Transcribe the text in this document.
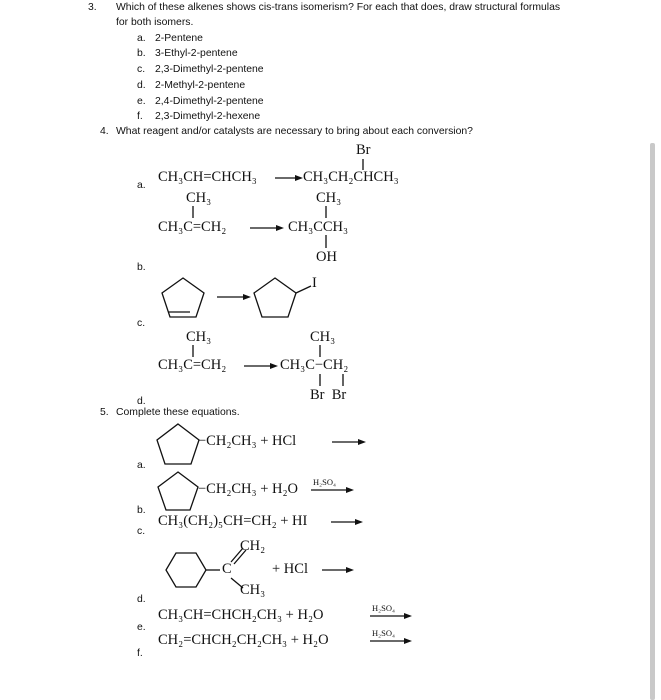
3. Which of these alkenes shows cis-trans isomerism? For each that does, draw structural formulas
for both isomers.
a. 2-Pentene
b. 3-Ethyl-2-pentene
c. 2,3-Dimethyl-2-pentene
d. 2-Methyl-2-pentene
e. 2,4-Dimethyl-2-pentene
f. 2,3-Dimethyl-2-hexene
4. What reagent and/or catalysts are necessary to bring about each conversion?
a.
Br
CH₃CH=CHCH₃	CH₃CH₂CHCH₃
CH₃
CH₃C=CH₂
CH₃
CH₃CCH₃
OH
b.
I
c.
CH₃
CH₃C=CH₂
CH₃
CH₃C−CH₂
Br  Br
d.
5. Complete these equations.
−CH₂CH₃ + HCl
a.
−CH₂CH₃ + H₂O H₂SO₄
b.
CH₃(CH₂)₅CH=CH₂ + HI
c.
CH₂
C	+ HCl
CH₃
d.
CH₃CH=CHCH₂CH₃ + H₂O	H₂SO₄
e.
CH₂=CHCH₂CH₂CH₃ + H₂O	H₂SO₄
f.
